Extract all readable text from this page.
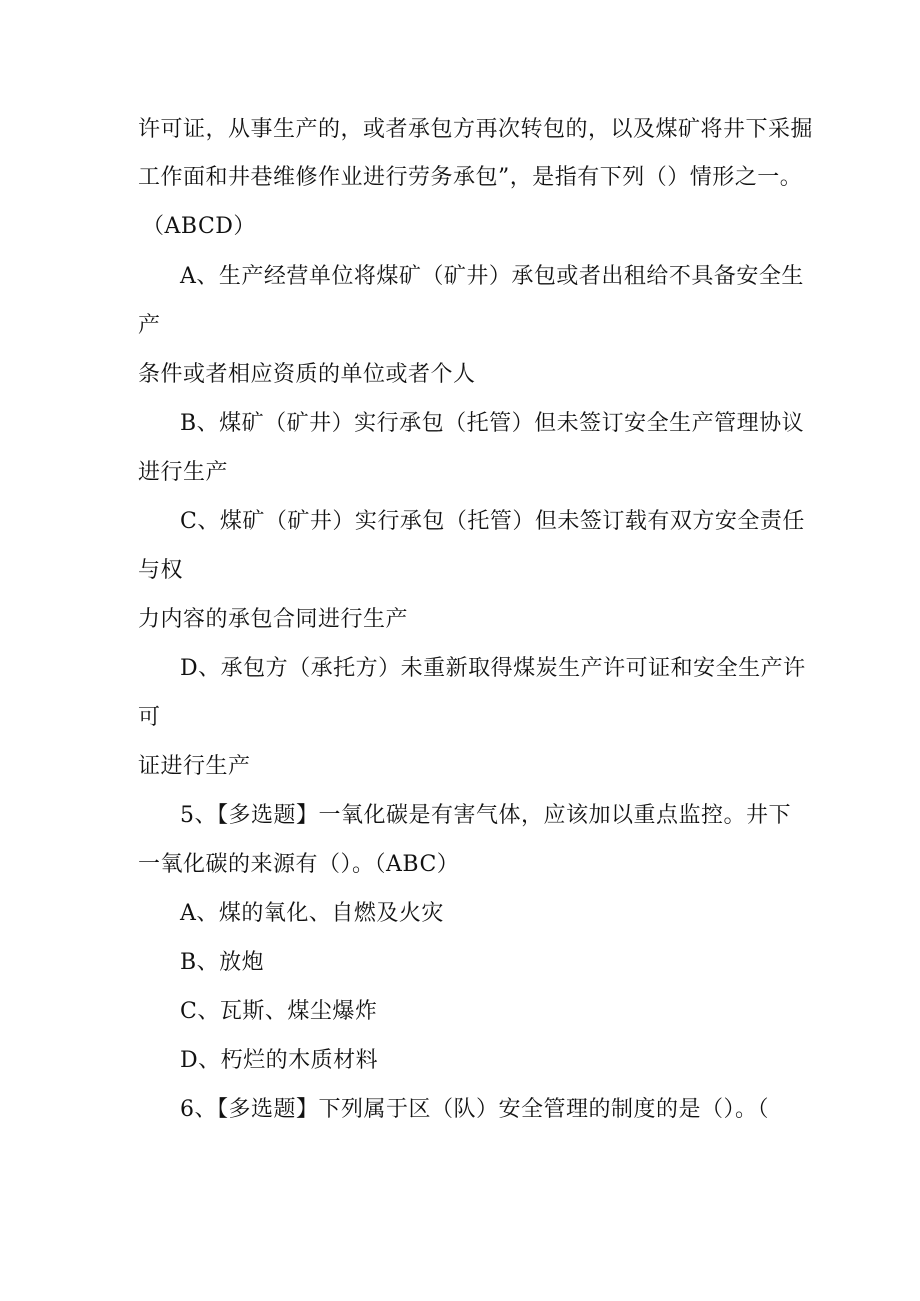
许可证，从事生产的，或者承包方再次转包的，以及煤矿将井下采掘
工作面和井巷维修作业进行劳务承包”，是指有下列（）情形之一。
（ABCD）
A、生产经营单位将煤矿（矿井）承包或者出租给不具备安全生
产
条件或者相应资质的单位或者个人
B、煤矿（矿井）实行承包（托管）但未签订安全生产管理协议
进行生产
C、煤矿（矿井）实行承包（托管）但未签订载有双方安全责任
与权
力内容的承包合同进行生产
D、承包方（承托方）未重新取得煤炭生产许可证和安全生产许
可
证进行生产
5、【多选题】一氧化碳是有害气体，应该加以重点监控。井下
一氧化碳的来源有（）。（ABC）
A、煤的氧化、自燃及火灾
B、放炮
C、瓦斯、煤尘爆炸
D、朽烂的木质材料
6、【多选题】下列属于区（队）安全管理的制度的是（）。（
